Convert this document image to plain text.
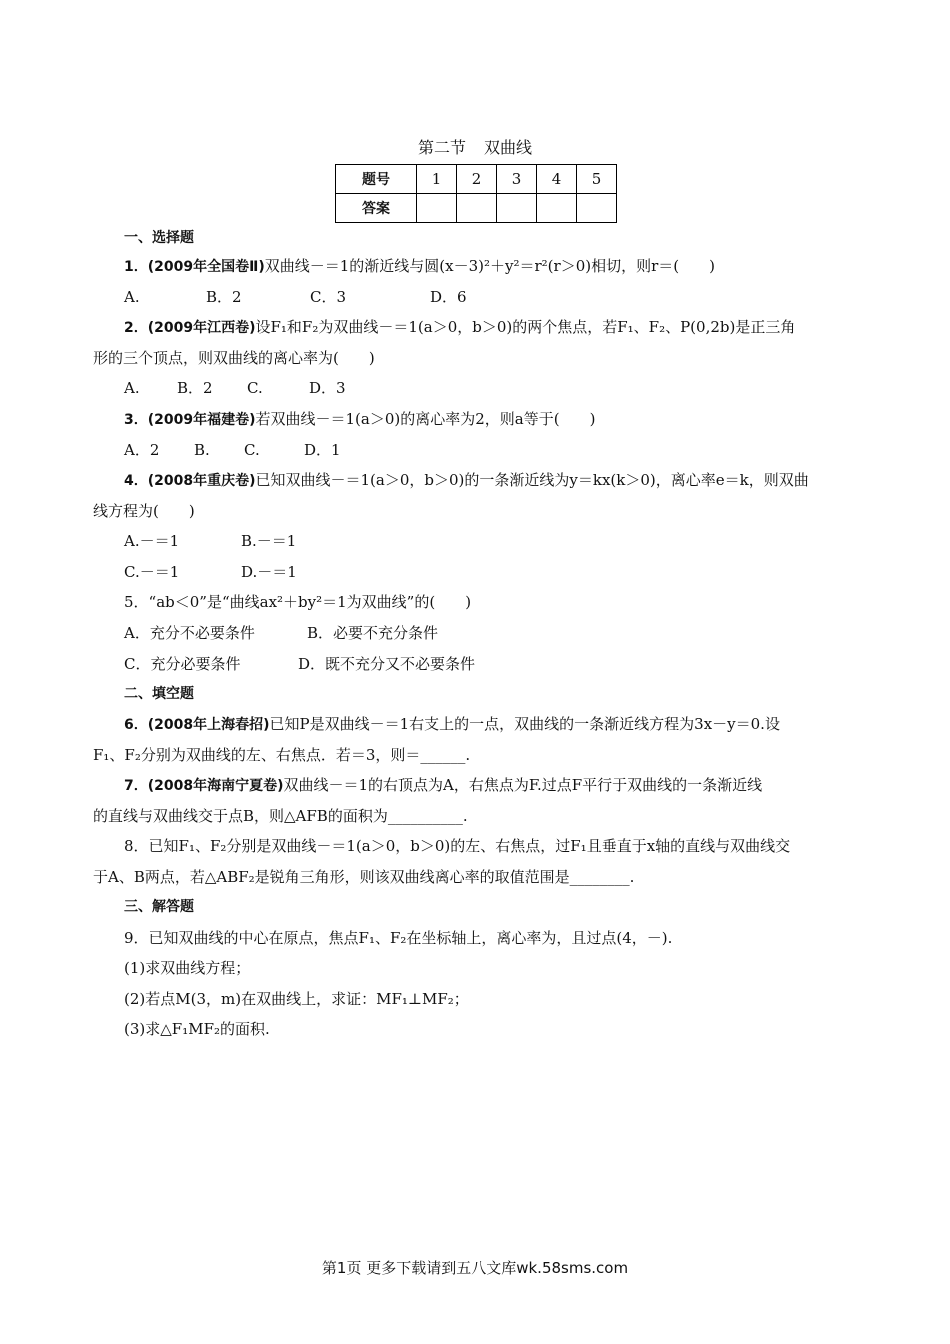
第二节 双曲线
题号	1	2	3	4	5
答案					
一、选择题
1．(2009年全国卷Ⅱ)双曲线－＝1的渐近线与圆(x－3)²＋y²＝r²(r＞0)相切，则r＝(　　)
A.	B．2	C．3	D．6
2．(2009年江西卷)设F₁和F₂为双曲线－＝1(a＞0，b＞0)的两个焦点，若F₁、F₂、P(0,2b)是正三角
形的三个顶点，则双曲线的离心率为(　　)
A. B．2 C.	D．3
3．(2009年福建卷)若双曲线－＝1(a＞0)的离心率为2，则a等于(　　)
A．2 B. C.	D．1
4．(2008年重庆卷)已知双曲线－＝1(a＞0，b＞0)的一条渐近线为y＝kx(k＞0)，离心率e＝k，则双曲
线方程为(　　)
A.－＝1	B.－＝1
C.－＝1	D.－＝1
5．“ab＜0”是“曲线ax²＋by²＝1为双曲线”的(　　)
A．充分不必要条件	B．必要不充分条件
C．充分必要条件	D．既不充分又不必要条件
二、填空题
6．(2008年上海春招)已知P是双曲线－＝1右支上的一点，双曲线的一条渐近线方程为3x－y＝0.设
F₁、F₂分别为双曲线的左、右焦点．若＝3，则＝______.
7．(2008年海南宁夏卷)双曲线－＝1的右顶点为A，右焦点为F.过点F平行于双曲线的一条渐近线
的直线与双曲线交于点B，则△AFB的面积为__________.
8．已知F₁、F₂分别是双曲线－＝1(a＞0，b＞0)的左、右焦点，过F₁且垂直于x轴的直线与双曲线交
于A、B两点，若△ABF₂是锐角三角形，则该双曲线离心率的取值范围是________.
三、解答题
9．已知双曲线的中心在原点，焦点F₁、F₂在坐标轴上，离心率为，且过点(4，－).
(1)求双曲线方程；
(2)若点M(3，m)在双曲线上，求证：MF₁⊥MF₂；
(3)求△F₁MF₂的面积.
第1页 更多下载请到五八文库wk.58sms.com
